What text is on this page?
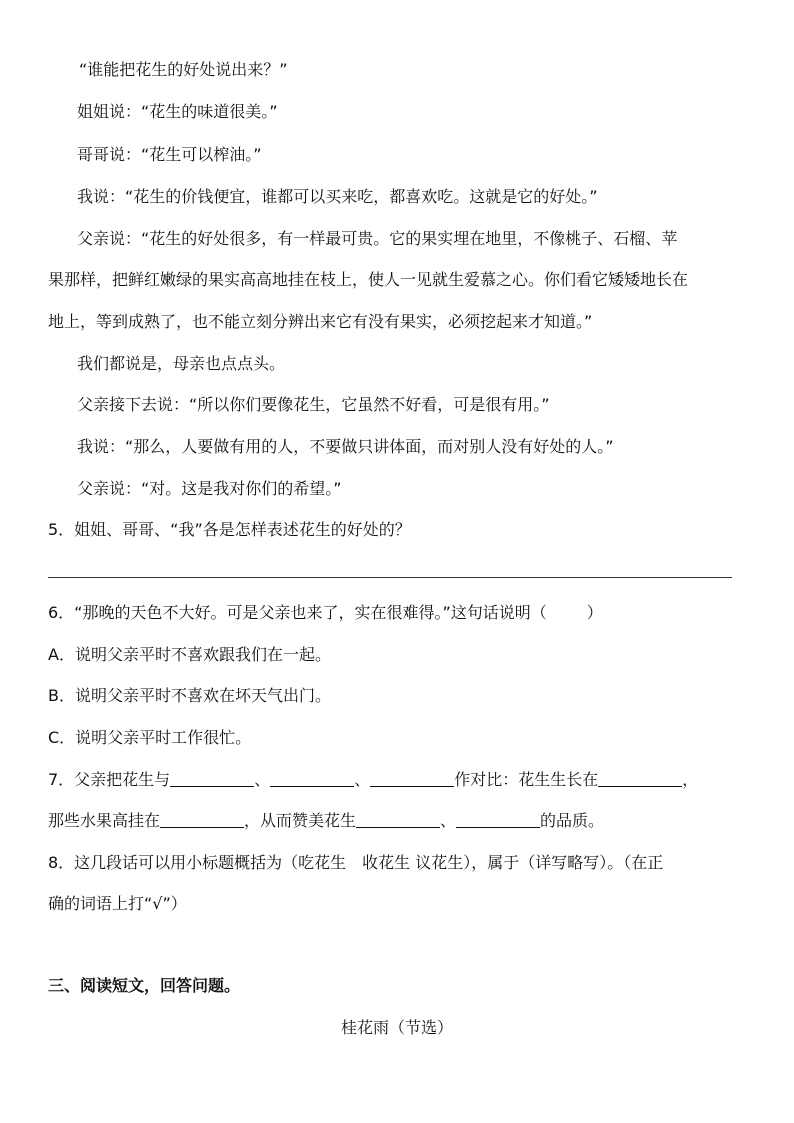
“谁能把花生的好处说出来？”
姐姐说：“花生的味道很美。”
哥哥说：“花生可以榨油。”
我说：“花生的价钱便宜，谁都可以买来吃，都喜欢吃。这就是它的好处。”
父亲说：“花生的好处很多，有一样最可贵。它的果实埋在地里，不像桃子、石榴、苹
果那样，把鲜红嫩绿的果实高高地挂在枝上，使人一见就生爱慕之心。你们看它矮矮地长在
地上，等到成熟了，也不能立刻分辨出来它有没有果实，必须挖起来才知道。”
我们都说是，母亲也点点头。
父亲接下去说：“所以你们要像花生，它虽然不好看，可是很有用。”
我说：“那么，人要做有用的人，不要做只讲体面，而对别人没有好处的人。”
父亲说：“对。这是我对你们的希望。”
5．姐姐、哥哥、“我”各是怎样表述花生的好处的？
6．“那晚的天色不大好。可是父亲也来了，实在很难得。”这句话说明（	）
A．说明父亲平时不喜欢跟我们在一起。
B．说明父亲平时不喜欢在坏天气出门。
C．说明父亲平时工作很忙。
7．父亲把花生与	、	、	作对比：花生生长在	，
那些水果高挂在	，从而赞美花生	、	的品质。
8．这几段话可以用小标题概括为（吃花生　收花生 议花生），属于（详写略写）。（在正
确的词语上打“√”）
三、阅读短文，回答问题。
桂花雨（节选）
